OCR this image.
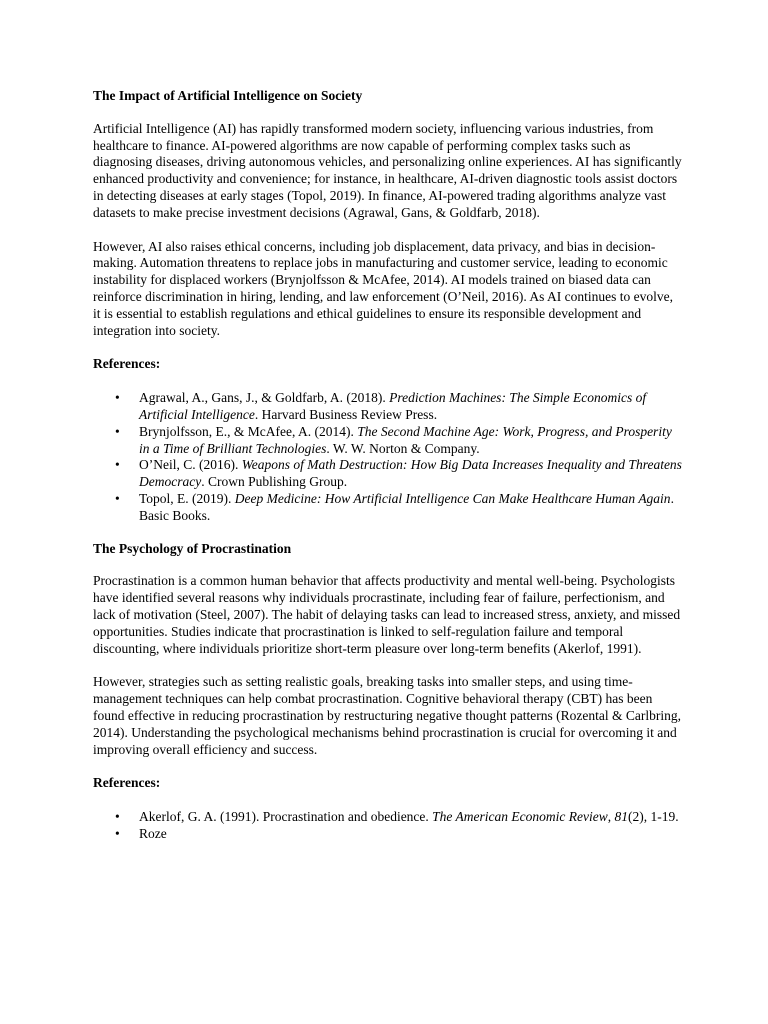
The Impact of Artificial Intelligence on Society

Artificial Intelligence (AI) has rapidly transformed modern society, influencing various industries, from healthcare to finance. AI-powered algorithms are now capable of performing complex tasks such as diagnosing diseases, driving autonomous vehicles, and personalizing online experiences. AI has significantly enhanced productivity and convenience; for instance, in healthcare, AI-driven diagnostic tools assist doctors in detecting diseases at early stages (Topol, 2019). In finance, AI-powered trading algorithms analyze vast datasets to make precise investment decisions (Agrawal, Gans, & Goldfarb, 2018).

However, AI also raises ethical concerns, including job displacement, data privacy, and bias in decision-making. Automation threatens to replace jobs in manufacturing and customer service, leading to economic instability for displaced workers (Brynjolfsson & McAfee, 2014). AI models trained on biased data can reinforce discrimination in hiring, lending, and law enforcement (O’Neil, 2016). As AI continues to evolve, it is essential to establish regulations and ethical guidelines to ensure its responsible development and integration into society.

References:
• Agrawal, A., Gans, J., & Goldfarb, A. (2018). Prediction Machines: The Simple Economics of Artificial Intelligence. Harvard Business Review Press.
• Brynjolfsson, E., & McAfee, A. (2014). The Second Machine Age: Work, Progress, and Prosperity in a Time of Brilliant Technologies. W. W. Norton & Company.
• O’Neil, C. (2016). Weapons of Math Destruction: How Big Data Increases Inequality and Threatens Democracy. Crown Publishing Group.
• Topol, E. (2019). Deep Medicine: How Artificial Intelligence Can Make Healthcare Human Again. Basic Books.
The Psychology of Procrastination

Procrastination is a common human behavior that affects productivity and mental well-being. Psychologists have identified several reasons why individuals procrastinate, including fear of failure, perfectionism, and lack of motivation (Steel, 2007). The habit of delaying tasks can lead to increased stress, anxiety, and missed opportunities. Studies indicate that procrastination is linked to self-regulation failure and temporal discounting, where individuals prioritize short-term pleasure over long-term benefits (Akerlof, 1991).

However, strategies such as setting realistic goals, breaking tasks into smaller steps, and using time-management techniques can help combat procrastination. Cognitive behavioral therapy (CBT) has been found effective in reducing procrastination by restructuring negative thought patterns (Rozental & Carlbring, 2014). Understanding the psychological mechanisms behind procrastination is crucial for overcoming it and improving overall efficiency and success.

References:
• Akerlof, G. A. (1991). Procrastination and obedience. The American Economic Review, 81(2), 1-19.
• Roze
